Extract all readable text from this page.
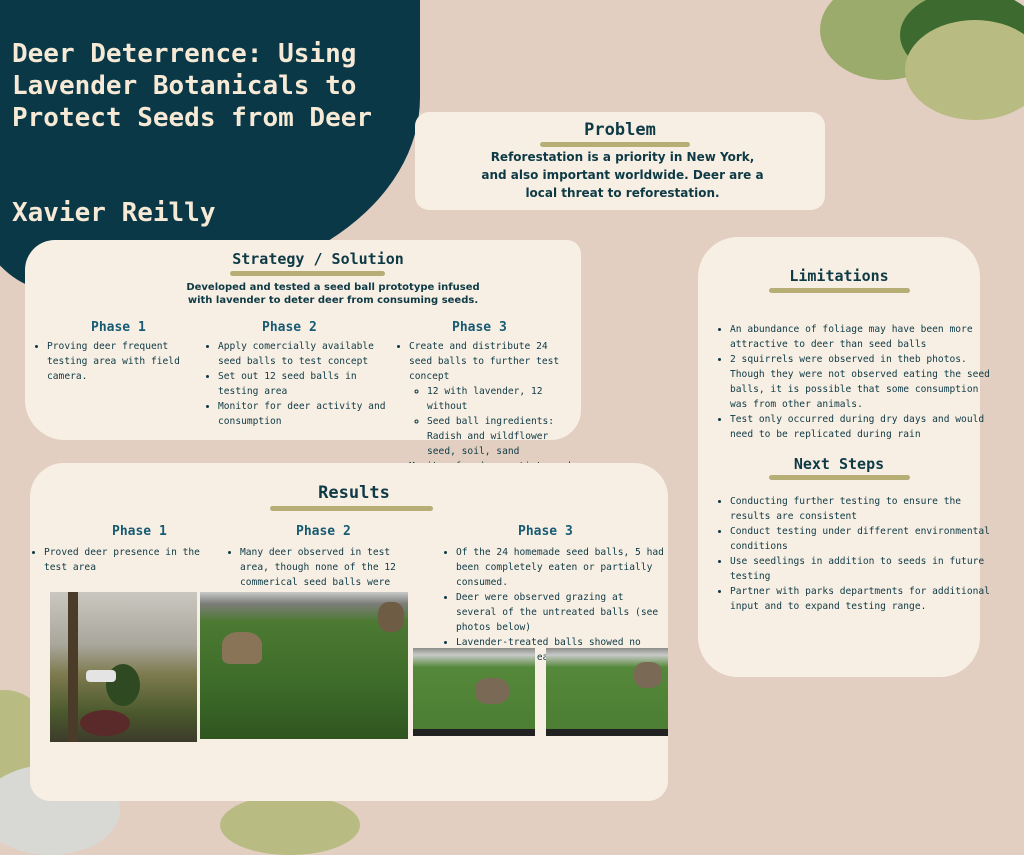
Deer Deterrence: Using Lavender Botanicals to Protect Seeds from Deer
Xavier Reilly
Problem

Reforestation is a priority in New York, and also important worldwide. Deer are a local threat to reforestation.

Strategy / Solution

Developed and tested a seed ball prototype infused

with lavender to deter deer from consuming seeds.

Phase 1
• Proving deer frequent testing area with field camera.
Phase 2
• Apply comercially available seed balls to test concept
• Set out 12 seed balls in testing area
• Monitor for deer activity and consumption
Phase 3
• Create and distribute 24 seed balls to further test concept
◦ 12 with lavender, 12 without
◦ Seed ball ingredients: Radish and wildflower seed, soil, sand
•
Results
Phase 1
• Proved deer presence in the test area
Phase 2
• Many deer observed in test area, though none of the 12 commerical seed balls were
Phase 3
• Of the 24 homemade seed balls, 5 had been completely eaten or partially consumed.
• Deer were observed grazing at several of the untreated balls (see photos below)
• Lavender-treated balls showed no
Limitations
• An abundance of foliage may have been more attractive to deer than seed balls
• 2 squirrels were observed in theb photos. Though they were not observed eating the seed balls, it is possible that some consumption was from other animals.
• Test only occurred during dry days and would need to be replicated during rain
Next Steps
• Conducting further testing to ensure the results are consistent
• Conduct testing under different environmental conditions
• Use seedlings in addition to seeds in future testing
• Partner with parks departments for additional input and to expand testing range.
